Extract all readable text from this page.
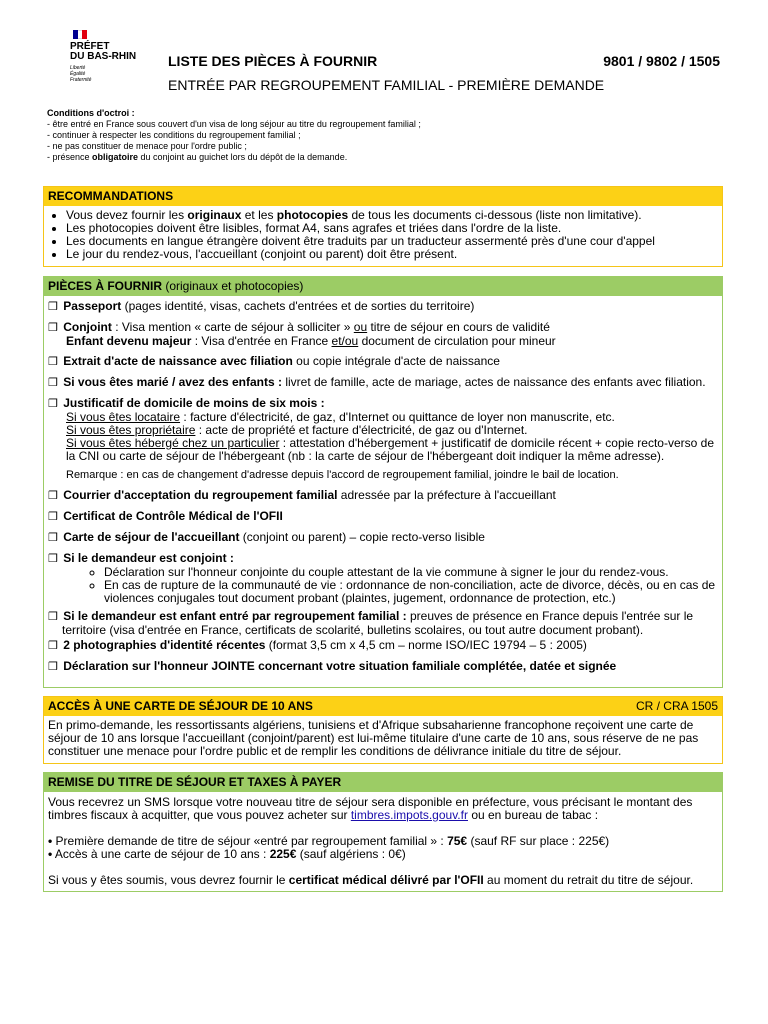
PRÉFET
DU BAS-RHIN
Liberté
Égalité
Fraternité
LISTE DES PIÈCES À FOURNIR	9801 / 9802 / 1505
ENTRÉE PAR REGROUPEMENT FAMILIAL - PREMIÈRE DEMANDE
Conditions d'octroi :
- être entré en France sous couvert d'un visa de long séjour au titre du regroupement familial ;
- continuer à respecter les conditions du regroupement familial ;
- ne pas constituer de menace pour l'ordre public ;
- présence obligatoire du conjoint au guichet lors du dépôt de la demande.
RECOMMANDATIONS
• Vous devez fournir les originaux et les photocopies de tous les documents ci-dessous (liste non limitative).
• Les photocopies doivent être lisibles, format A4, sans agrafes et triées dans l'ordre de la liste.
• Les documents en langue étrangère doivent être traduits par un traducteur assermenté près d'une cour d'appel
• Le jour du rendez-vous, l'accueillant (conjoint ou parent) doit être présent.
PIÈCES À FOURNIR (originaux et photocopies)
❒ Passeport (pages identité, visas, cachets d'entrées et de sorties du territoire)
❒ Conjoint : Visa mention « carte de séjour à solliciter » ou titre de séjour en cours de validité
Enfant devenu majeur : Visa d'entrée en France et/ou document de circulation pour mineur
❒ Extrait d'acte de naissance avec filiation ou copie intégrale d'acte de naissance
❒ Si vous êtes marié / avez des enfants : livret de famille, acte de mariage, actes de naissance des enfants avec filiation.
❒ Justificatif de domicile de moins de six mois :
Si vous êtes locataire : facture d'électricité, de gaz, d'Internet ou quittance de loyer non manuscrite, etc.
Si vous êtes propriétaire : acte de propriété et facture d'électricité, de gaz ou d'Internet.
Si vous êtes hébergé chez un particulier : attestation d'hébergement + justificatif de domicile récent + copie recto-verso de la CNI ou carte de séjour de l'hébergeant (nb : la carte de séjour de l'hébergeant doit indiquer la même adresse).
Remarque : en cas de changement d'adresse depuis l'accord de regroupement familial, joindre le bail de location.
❒ Courrier d'acceptation du regroupement familial adressée par la préfecture à l'accueillant
❒ Certificat de Contrôle Médical de l'OFII
❒ Carte de séjour de l'accueillant (conjoint ou parent) – copie recto-verso lisible
❒ Si le demandeur est conjoint :
◦ Déclaration sur l'honneur conjointe du couple attestant de la vie commune à signer le jour du rendez-vous.
◦ En cas de rupture de la communauté de vie : ordonnance de non-conciliation, acte de divorce, décès, ou en cas de violences conjugales tout document probant (plaintes, jugement, ordonnance de protection, etc.)
❒ Si le demandeur est enfant entré par regroupement familial : preuves de présence en France depuis l'entrée sur le territoire (visa d'entrée en France, certificats de scolarité, bulletins scolaires, ou tout autre document probant).
❒ 2 photographies d'identité récentes (format 3,5 cm x 4,5 cm – norme ISO/IEC 19794 – 5 : 2005)
❒ Déclaration sur l'honneur JOINTE concernant votre situation familiale complétée, datée et signée
ACCÈS À UNE CARTE DE SÉJOUR DE 10 ANS	CR / CRA 1505
En primo-demande, les ressortissants algériens, tunisiens et d'Afrique subsaharienne francophone reçoivent une carte de séjour de 10 ans lorsque l'accueillant (conjoint/parent) est lui-même titulaire d'une carte de 10 ans, sous réserve de ne pas constituer une menace pour l'ordre public et de remplir les conditions de délivrance initiale du titre de séjour.
REMISE DU TITRE DE SÉJOUR ET TAXES À PAYER
Vous recevrez un SMS lorsque votre nouveau titre de séjour sera disponible en préfecture, vous précisant le montant des timbres fiscaux à acquitter, que vous pouvez acheter sur timbres.impots.gouv.fr ou en bureau de tabac :
• Première demande de titre de séjour «entré par regroupement familial » : 75€ (sauf RF sur place : 225€)
• Accès à une carte de séjour de 10 ans : 225€ (sauf algériens : 0€)
Si vous y êtes soumis, vous devrez fournir le certificat médical délivré par l'OFII au moment du retrait du titre de séjour.
